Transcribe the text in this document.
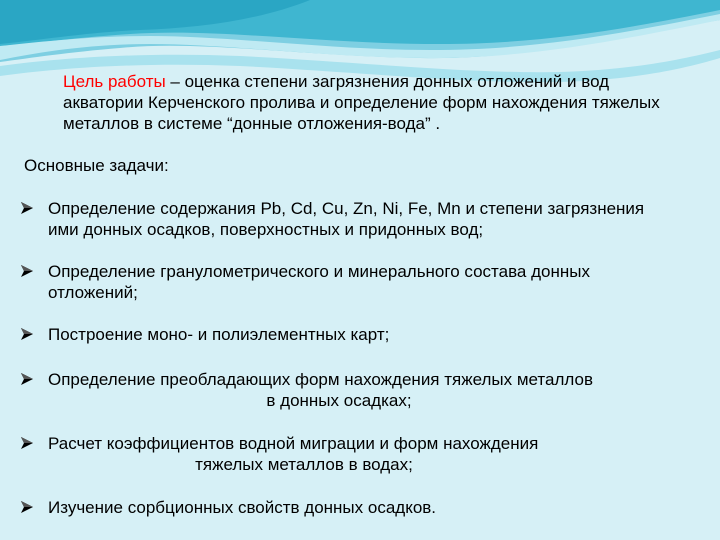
Цель работы – оценка степени загрязнения донных отложений и вод акватории Керченского пролива и определение форм нахождения тяжелых металлов в системе “донные отложения-вода” .
Основные задачи:
Определение содержания Pb, Cd, Cu, Zn, Ni, Fe, Mn и степени загрязнения
ими донных осадков, поверхностных и придонных вод;
Определение гранулометрического и минерального состава донных
отложений;
Построение моно- и полиэлементных карт;
Определение преобладающих форм нахождения тяжелых металлов
в донных осадках;
Расчет коэффициентов водной миграции и форм нахождения
тяжелых металлов в водах;
Изучение сорбционных свойств донных осадков.
